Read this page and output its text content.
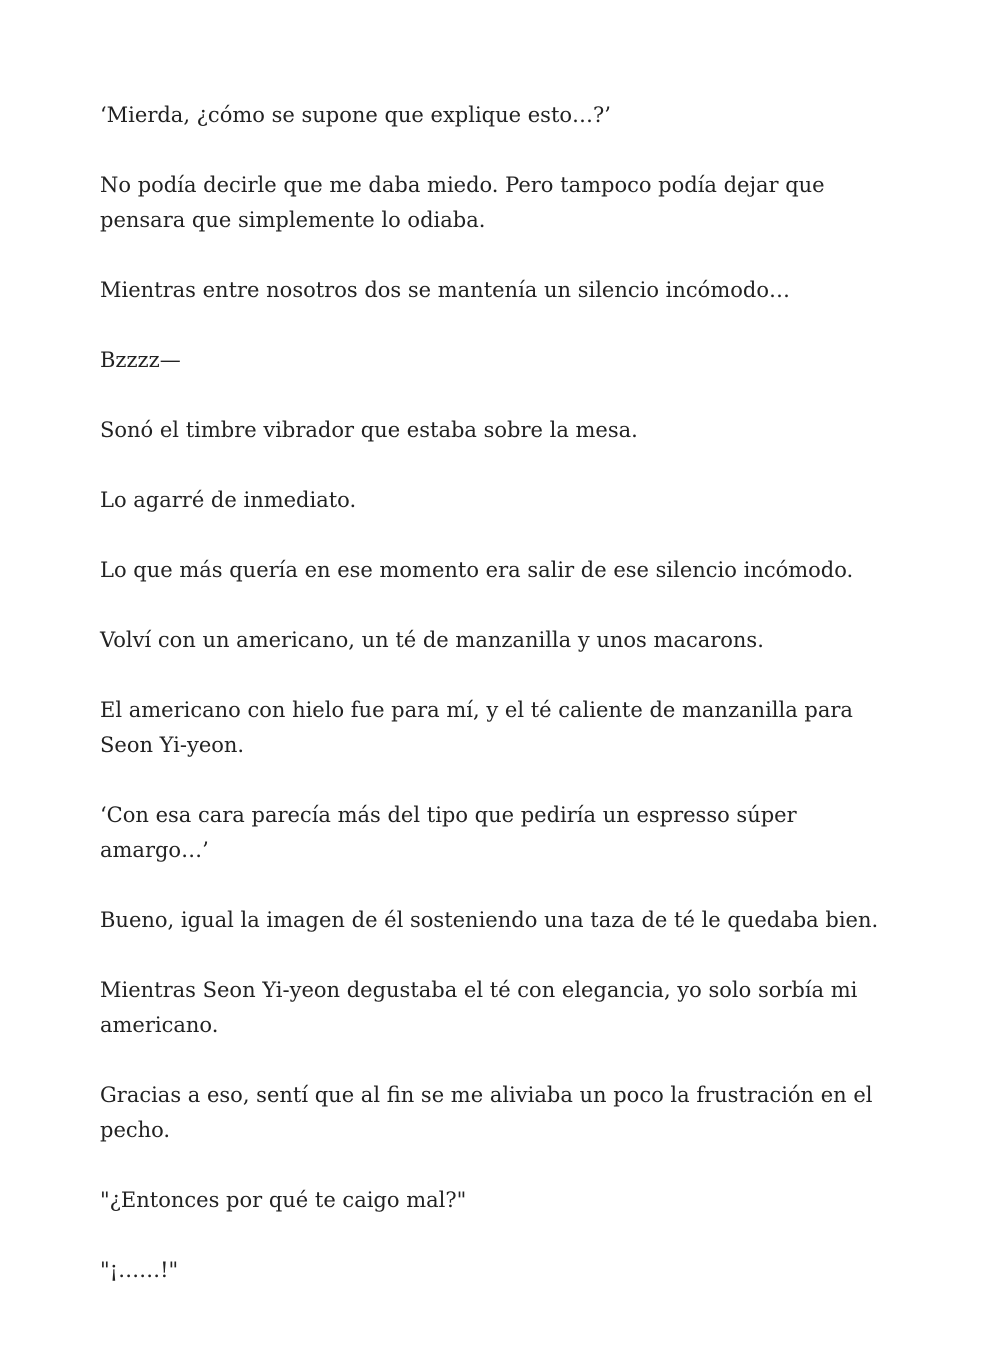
‘Mierda, ¿cómo se supone que explique esto…?’

No podía decirle que me daba miedo. Pero tampoco podía dejar que pensara que simplemente lo odiaba.

Mientras entre nosotros dos se mantenía un silencio incómodo…

Bzzzz—

Sonó el timbre vibrador que estaba sobre la mesa.

Lo agarré de inmediato.

Lo que más quería en ese momento era salir de ese silencio incómodo.

Volví con un americano, un té de manzanilla y unos macarons.

El americano con hielo fue para mí, y el té caliente de manzanilla para Seon Yi-yeon.

‘Con esa cara parecía más del tipo que pediría un espresso súper amargo…’

Bueno, igual la imagen de él sosteniendo una taza de té le quedaba bien.

Mientras Seon Yi-yeon degustaba el té con elegancia, yo solo sorbía mi americano.

Gracias a eso, sentí que al fin se me aliviaba un poco la frustración en el pecho.

"¿Entonces por qué te caigo mal?"

"¡……!"
